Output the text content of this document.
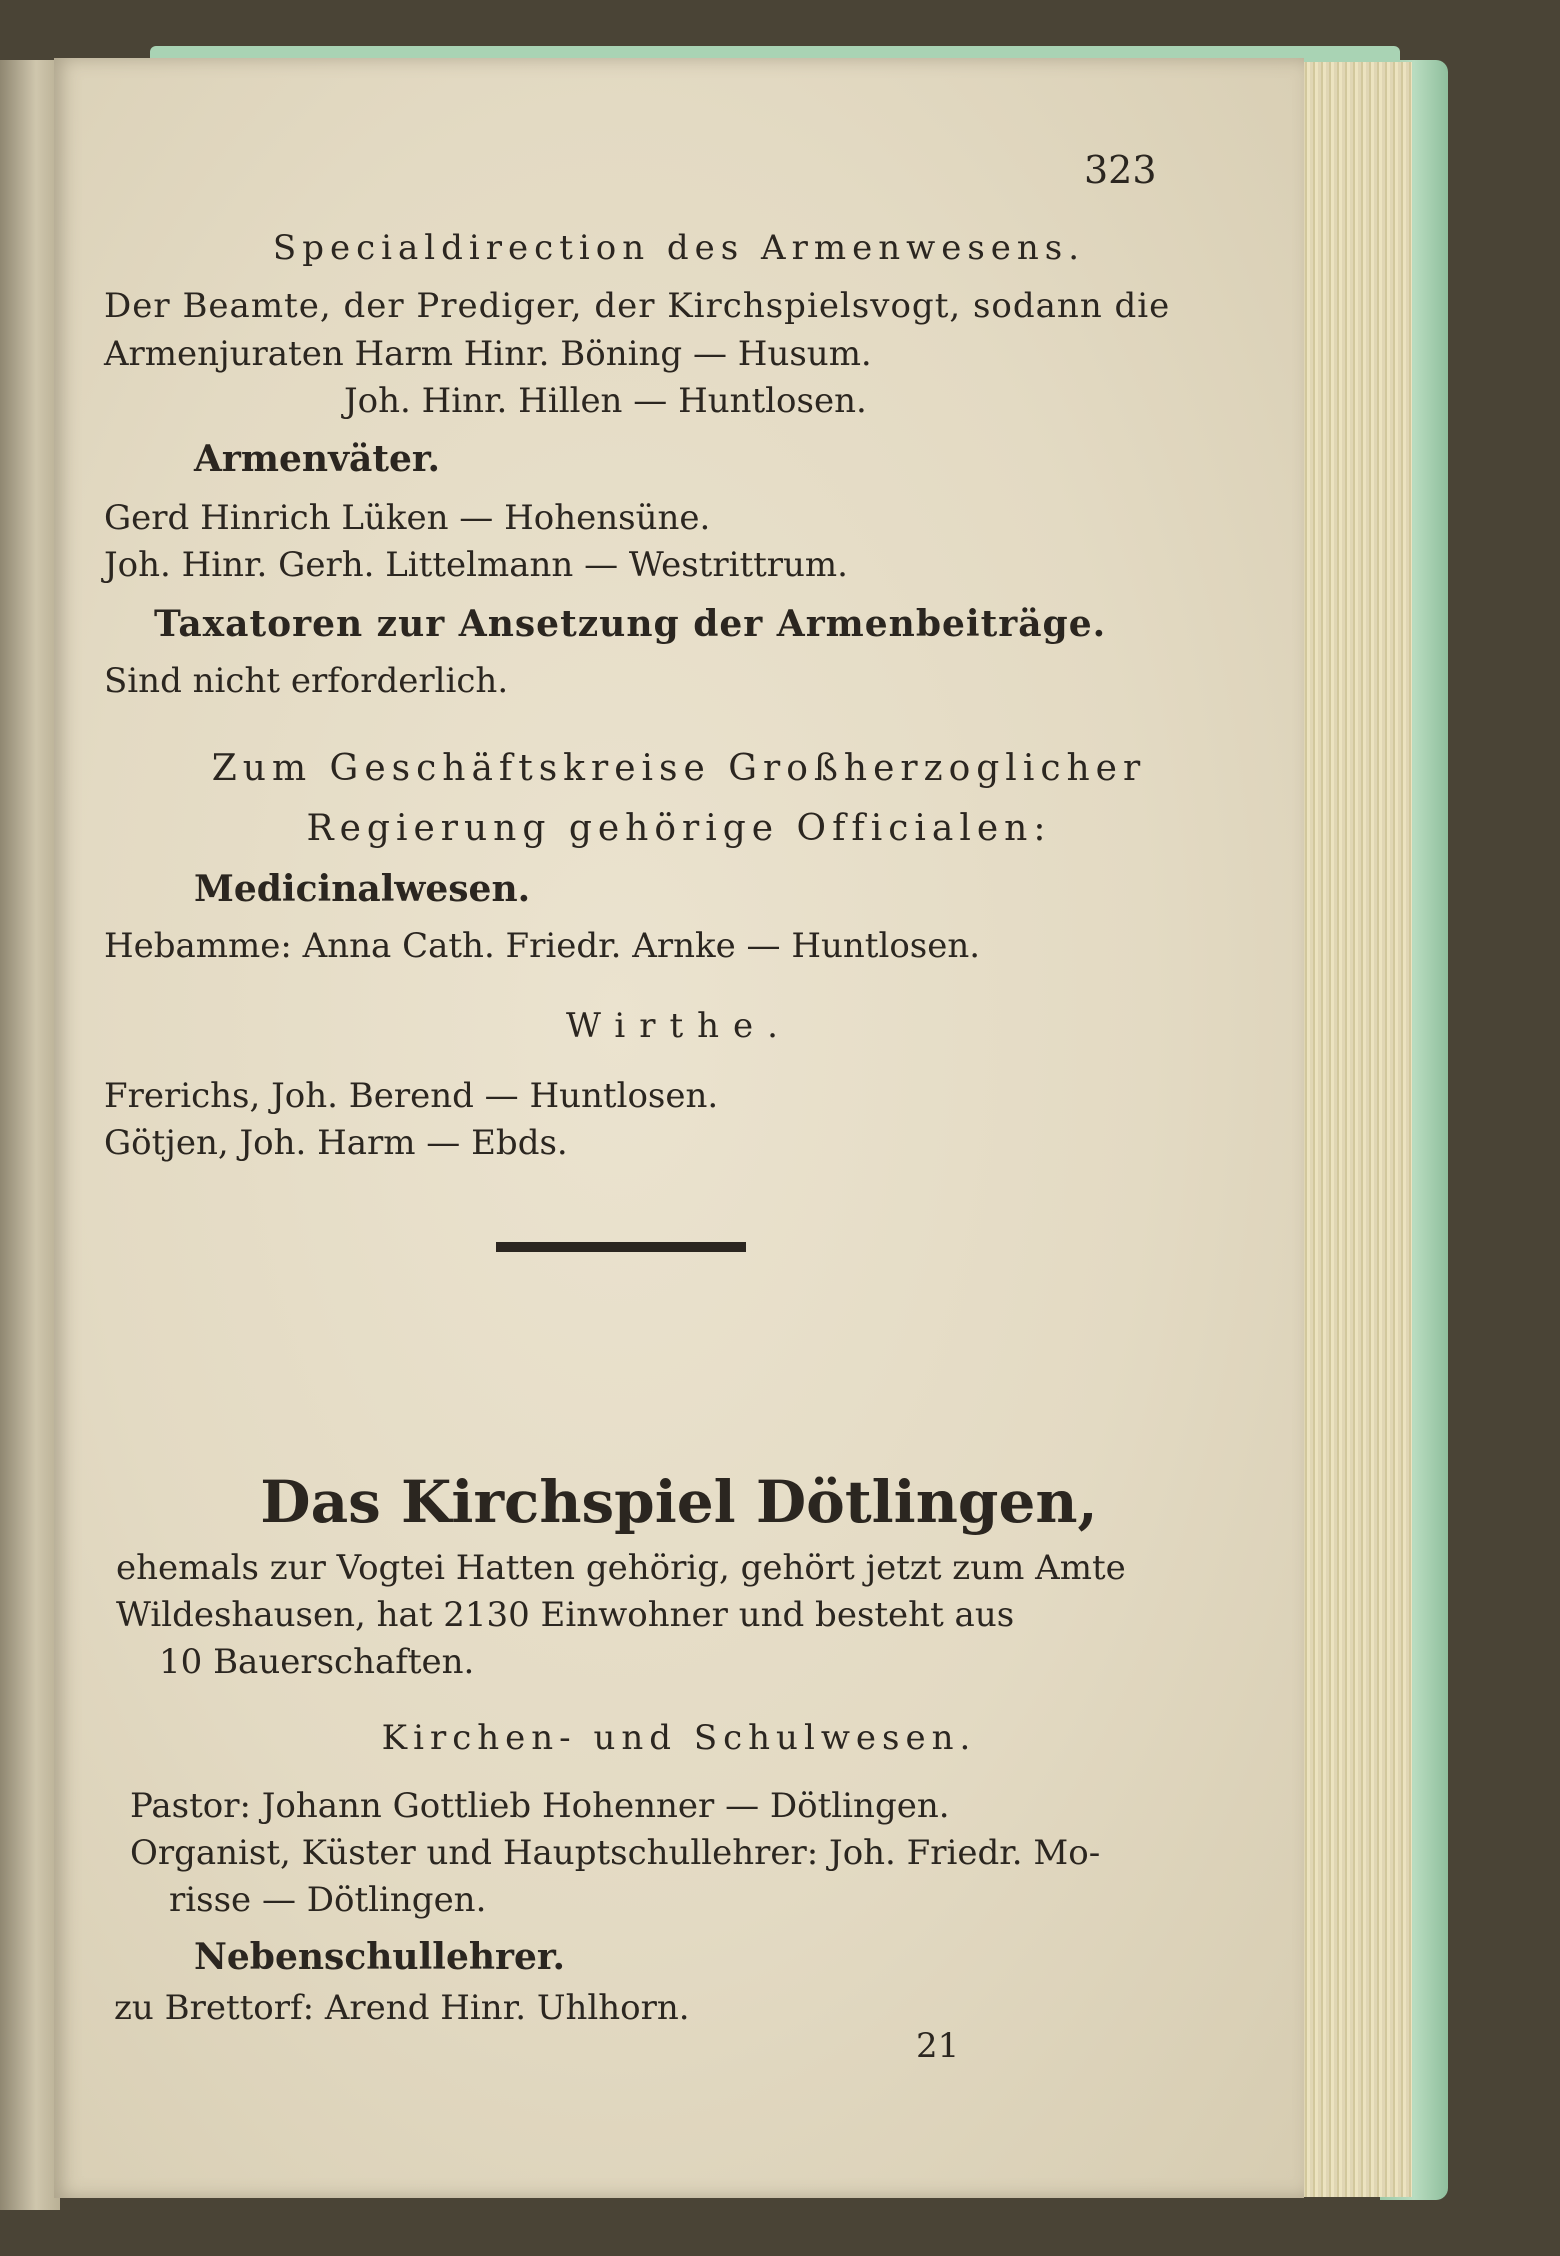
323
Specialdirection des Armenwesens.
Der Beamte, der Prediger, der Kirchspielsvogt, sodann die
Armenjuraten Harm Hinr. Böning — Husum.
Joh. Hinr. Hillen — Huntlosen.
Armenväter.
Gerd Hinrich Lüken — Hohensüne.
Joh. Hinr. Gerh. Littelmann — Westrittrum.
Taxatoren zur Ansetzung der Armenbeiträge.
Sind nicht erforderlich.
Zum Geschäftskreise Großherzoglicher
Regierung gehörige Officialen:
Medicinalwesen.
Hebamme: Anna Cath. Friedr. Arnke — Huntlosen.
Wirthe.
Frerichs, Joh. Berend — Huntlosen.
Götjen, Joh. Harm — Ebds.
Das Kirchspiel Dötlingen,
ehemals zur Vogtei Hatten gehörig, gehört jetzt zum Amte
Wildeshausen, hat 2130 Einwohner und besteht aus
10 Bauerschaften.
Kirchen- und Schulwesen.
Pastor: Johann Gottlieb Hohenner — Dötlingen.
Organist, Küster und Hauptschullehrer: Joh. Friedr. Mo-
risse — Dötlingen.
Nebenschullehrer.
zu Brettorf: Arend Hinr. Uhlhorn.
21
